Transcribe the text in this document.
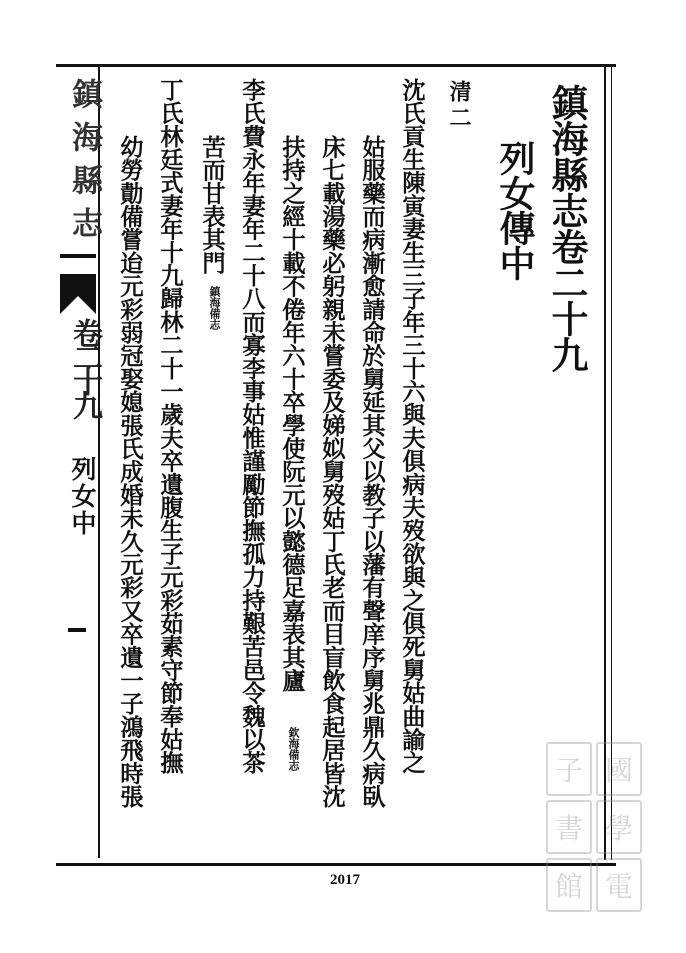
鎮海縣志
卷二十九
列女中
鎮海縣志卷二十九
列女傳中
清二
沈氏貢生陳寅妻生三子年三十六與夫俱病夫歿欲與之俱死舅姑曲諭之
姑服藥而病漸愈請命於舅延其父以教子以藩有聲庠序舅兆鼎久病臥
床七載湯藥必躬親未嘗委及娣姒舅歿姑丁氏老而目盲飲食起居皆沈
扶持之經十載不倦年六十卒學使阮元以懿德足嘉表其廬
欽海備志
李氏費永年妻年二十八而寡李事姑惟謹勵節撫孤力持艱苦邑令魏以茶
苦而甘表其門
鎮海備志
丁氏林廷式妻年十九歸林二十一歲夫卒遺腹生子元彩茹素守節奉姑撫
幼勞勣備嘗迨元彩弱冠娶媳張氏成婚未久元彩又卒遺一子鴻飛時張
2017
子 國
書 學
館 電
